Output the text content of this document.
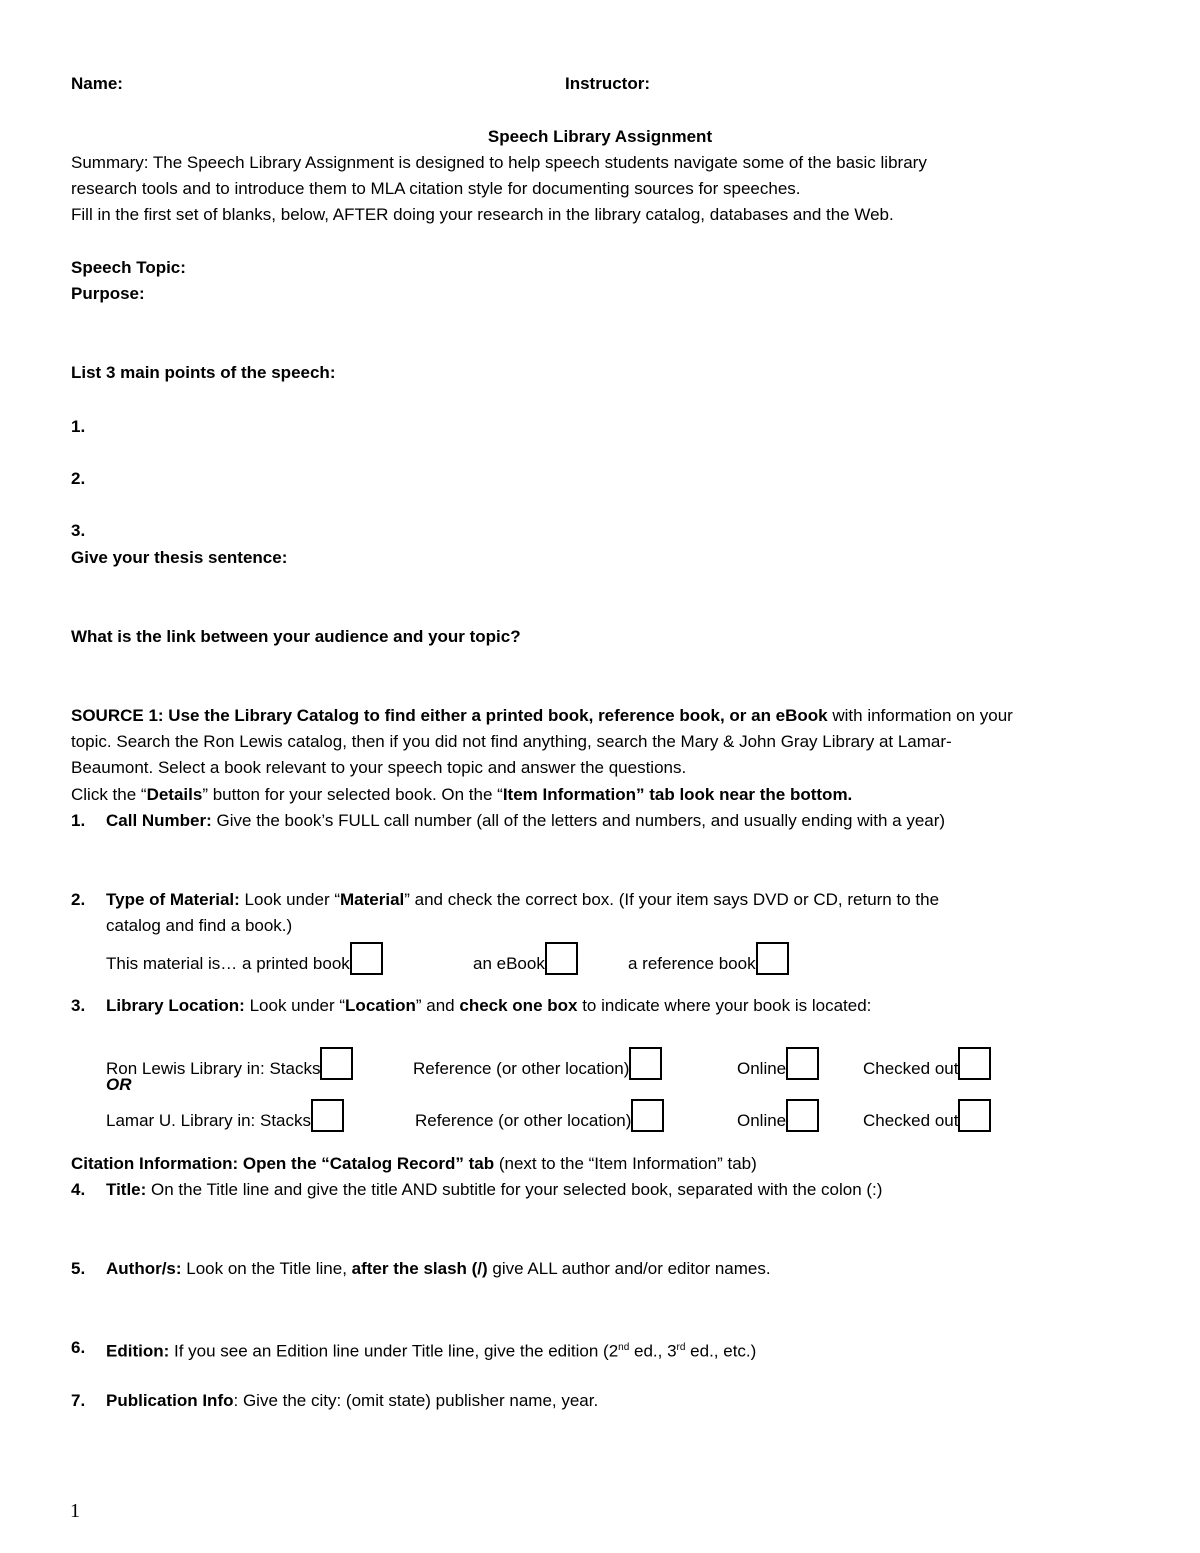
Name:	Instructor:
Speech Library Assignment
Summary: The Speech Library Assignment is designed to help speech students navigate some of the basic library
research tools and to introduce them to MLA citation style for documenting sources for speeches.
Fill in the first set of blanks, below, AFTER doing your research in the library catalog, databases and the Web.
Speech Topic:
Purpose:
List 3 main points of the speech:
1.
2.
3.
Give your thesis sentence:
What is the link between your audience and your topic?
SOURCE 1: Use the Library Catalog to find either a printed book, reference book, or an eBook with information on your
topic. Search the Ron Lewis catalog, then if you did not find anything, search the Mary & John Gray Library at Lamar-
Beaumont. Select a book relevant to your speech topic and answer the questions.
Click the “Details” button for your selected book. On the “Item Information” tab look near the bottom.
1. Call Number: Give the book’s FULL call number (all of the letters and numbers, and usually ending with a year)
2. Type of Material: Look under “Material” and check the correct box. (If your item says DVD or CD, return to the
catalog and find a book.)
This material is… a printed book	an eBook	a reference book
3. Library Location: Look under “Location” and check one box to indicate where your book is located:
Ron Lewis Library in: Stacks	Reference (or other location)	Online	Checked out
OR
Lamar U. Library in: Stacks	Reference (or other location)	Online	Checked out
Citation Information: Open the “Catalog Record” tab (next to the “Item Information” tab)
4. Title: On the Title line and give the title AND subtitle for your selected book, separated with the colon (:)
5. Author/s: Look on the Title line, after the slash (/) give ALL author and/or editor names.
6. Edition: If you see an Edition line under Title line, give the edition (2nd ed., 3rd ed., etc.)
7. Publication Info: Give the city: (omit state) publisher name, year.
1
